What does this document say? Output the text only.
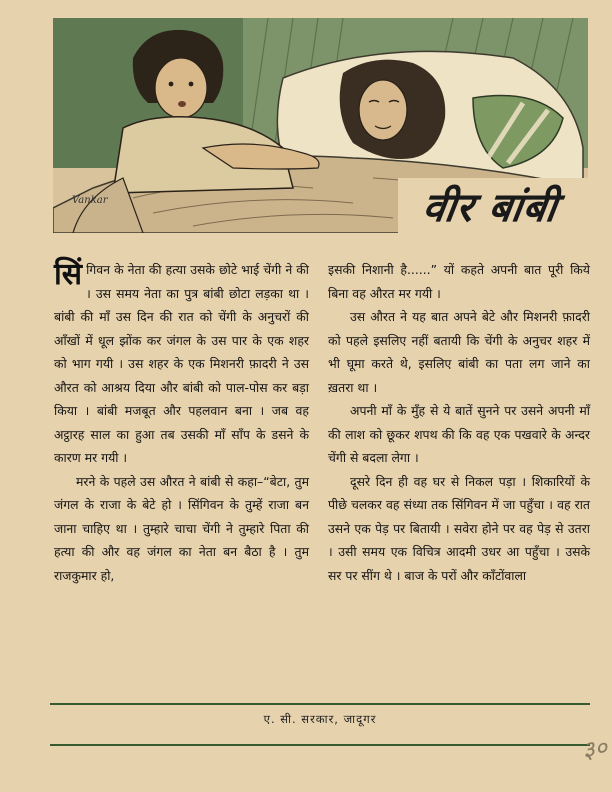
Vankar	वीर बांबी

सिंगिवन के नेता की हत्या उसके छोटे भाई चेंगी ने की । उस समय नेता का पुत्र बांबी छोटा लड़का था । बांबी की माँ उस दिन की रात को चेंगी के अनुचरों की आँखों में धूल झोंक कर जंगल के उस पार के एक शहर को भाग गयी । उस शहर के एक मिशनरी फ़ादरी ने उस औरत को आश्रय दिया और बांबी को पाल-पोस कर बड़ा किया । बांबी मजबूत और पहलवान बना । जब वह अट्ठारह साल का हुआ तब उसकी माँ साँप के डसने के कारण मर गयी ।

मरने के पहले उस औरत ने बांबी से कहा–“बेटा, तुम जंगल के राजा के बेटे हो । सिंगिवन के तुम्हें राजा बन जाना चाहिए था । तुम्हारे चाचा चेंगी ने तुम्हारे पिता की हत्या की और वह जंगल का नेता बन बैठा है । तुम राजकुमार हो,

इसकी निशानी है......” यों कहते अपनी बात पूरी किये बिना वह औरत मर गयी ।

उस औरत ने यह बात अपने बेटे और मिशनरी फ़ादरी को पहले इसलिए नहीं बतायी कि चेंगी के अनुचर शहर में भी घूमा करते थे, इसलिए बांबी का पता लग जाने का ख़तरा था ।

अपनी माँ के मुँह से ये बातें सुनने पर उसने अपनी माँ की लाश को छूकर शपथ की कि वह एक पखवारे के अन्दर चेंगी से बदला लेगा ।

दूसरे दिन ही वह घर से निकल पड़ा । शिकारियों के पीछे चलकर वह संध्या तक सिंगिवन में जा पहुँचा । वह रात उसने एक पेड़ पर बितायी । सवेरा होने पर वह पेड़ से उतरा । उसी समय एक विचित्र आदमी उधर आ पहुँचा । उसके सर पर सींग थे । बाज के परों और काँटोंवाला

ए. सी. सरकार, जादूगर
३०
